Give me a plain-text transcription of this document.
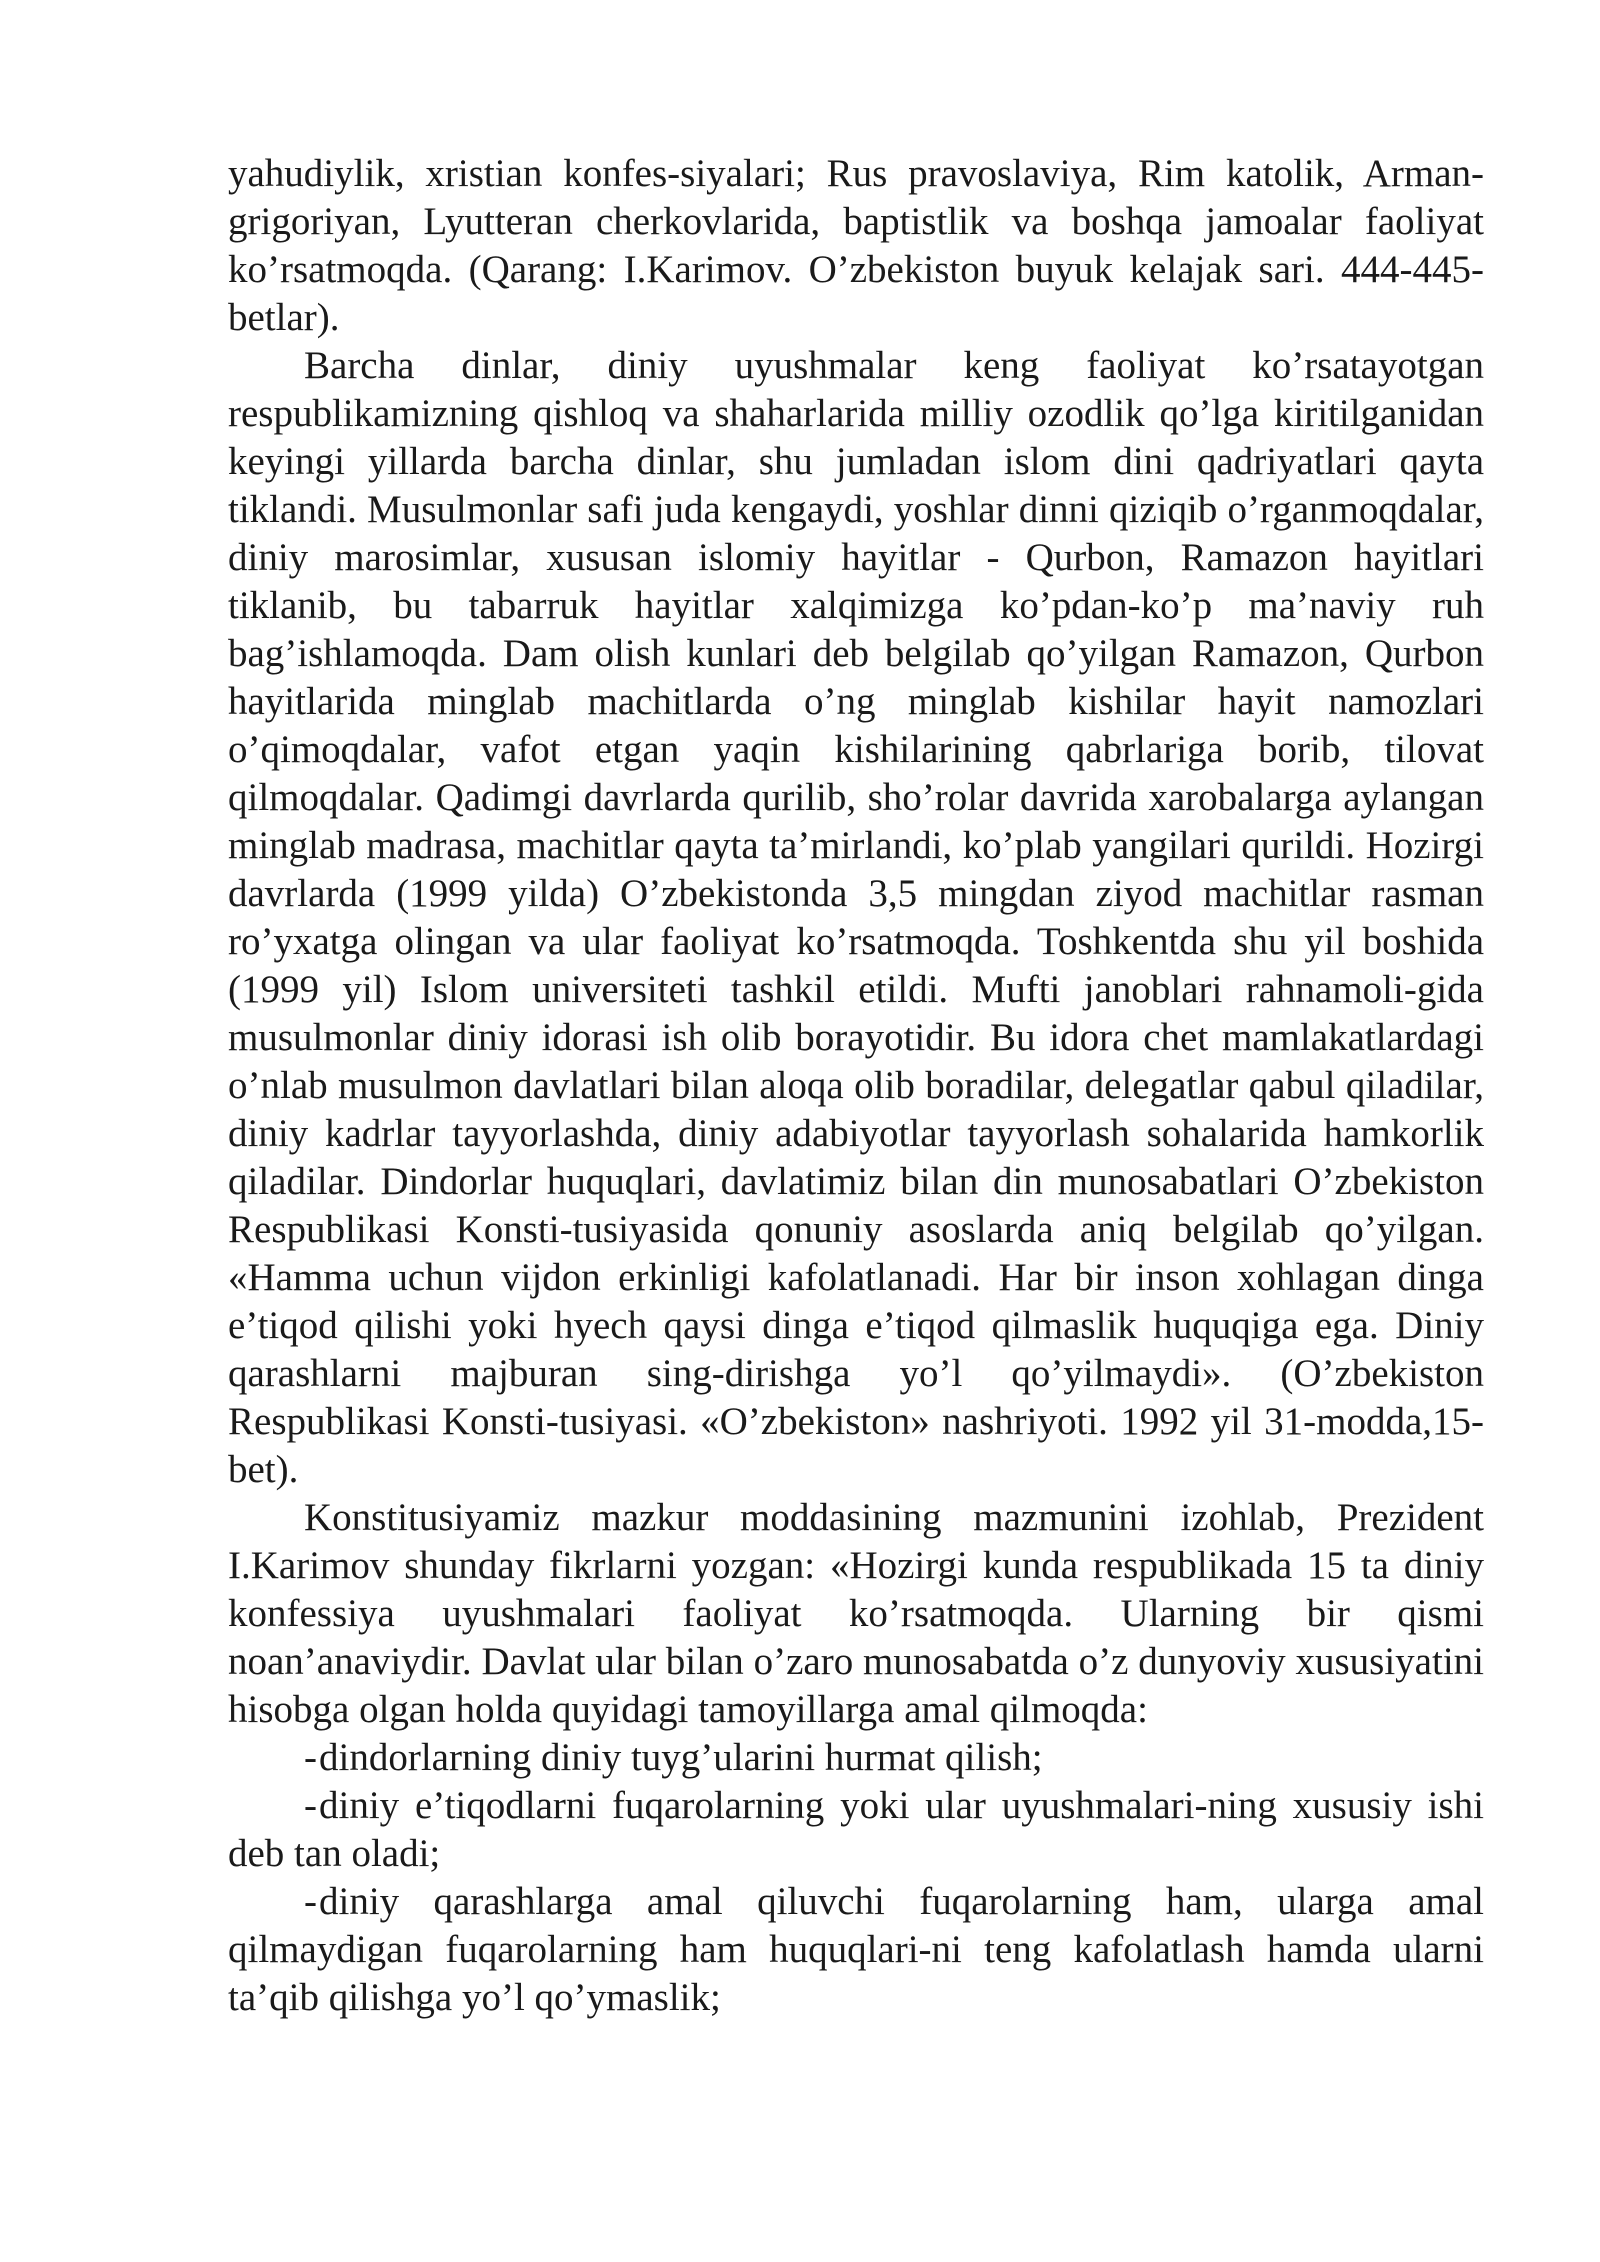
yahudiylik, xristian konfes-siyalari; Rus pravoslaviya, Rim katolik, Arman-grigoriyan, Lyutteran cherkovlarida, baptistlik va boshqa jamoalar faoliyat ko’rsatmoqda. (Qarang: I.Karimov. O’zbekiston buyuk kelajak sari. 444-445-betlar).

Barcha dinlar, diniy uyushmalar keng faoliyat ko’rsatayotgan respublikamizning qishloq va shaharlarida milliy ozodlik qo’lga kiritilganidan keyingi yillarda barcha dinlar, shu jumladan islom dini qadriyatlari qayta tiklandi. Musulmonlar safi juda kengaydi, yoshlar dinni qiziqib o’rganmoqdalar, diniy marosimlar, xususan islomiy hayitlar - Qurbon, Ramazon hayitlari tiklanib, bu tabarruk hayitlar xalqimizga ko’pdan-ko’p ma’naviy ruh bag’ishlamoqda. Dam olish kunlari deb belgilab qo’yilgan Ramazon, Qurbon hayitlarida minglab machitlarda o’ng minglab kishilar hayit namozlari o’qimoqdalar, vafot etgan yaqin kishilarining qabrlariga borib, tilovat qilmoqdalar. Qadimgi davrlarda qurilib, sho’rolar davrida xarobalarga aylangan minglab madrasa, machitlar qayta ta’mirlandi, ko’plab yangilari qurildi. Hozirgi davrlarda (1999 yilda) O’zbekistonda 3,5 mingdan ziyod machitlar rasman ro’yxatga olingan va ular faoliyat ko’rsatmoqda. Toshkentda shu yil boshida (1999 yil) Islom universiteti tashkil etildi. Mufti janoblari rahnamoli-gida musulmonlar diniy idorasi ish olib borayotidir. Bu idora chet mamlakatlardagi o’nlab musulmon davlatlari bilan aloqa olib boradilar, delegatlar qabul qiladilar, diniy kadrlar tayyorlashda, diniy adabiyotlar tayyorlash sohalarida hamkorlik qiladilar. Dindorlar huquqlari, davlatimiz bilan din munosabatlari O’zbekiston Respublikasi Konsti-tusiyasida qonuniy asoslarda aniq belgilab qo’yilgan. «Hamma uchun vijdon erkinligi kafolatlanadi. Har bir inson xohlagan dinga e’tiqod qilishi yoki hyech qaysi dinga e’tiqod qilmaslik huquqiga ega. Diniy qarashlarni majburan sing-dirishga yo’l qo’yilmaydi». (O’zbekiston Respublikasi Konsti-tusiyasi. «O’zbekiston» nashriyoti. 1992 yil 31-modda,15-bet).

Konstitusiyamiz mazkur moddasining mazmunini izohlab, Prezident I.Karimov shunday fikrlarni yozgan: «Hozirgi kunda respublikada 15 ta diniy konfessiya uyushmalari faoliyat ko’rsatmoqda. Ularning bir qismi noan’anaviydir. Davlat ular bilan o’zaro munosabatda o’z dunyoviy xususiyatini hisobga olgan holda quyidagi tamoyillarga amal qilmoqda:

-dindorlarning diniy tuyg’ularini hurmat qilish;

-diniy e’tiqodlarni fuqarolarning yoki ular uyushmalari-ning xususiy ishi deb tan oladi;

-diniy qarashlarga amal qiluvchi fuqarolarning ham, ularga amal qilmaydigan fuqarolarning ham huquqlari-ni teng kafolatlash hamda ularni ta’qib qilishga yo’l qo’ymaslik;
